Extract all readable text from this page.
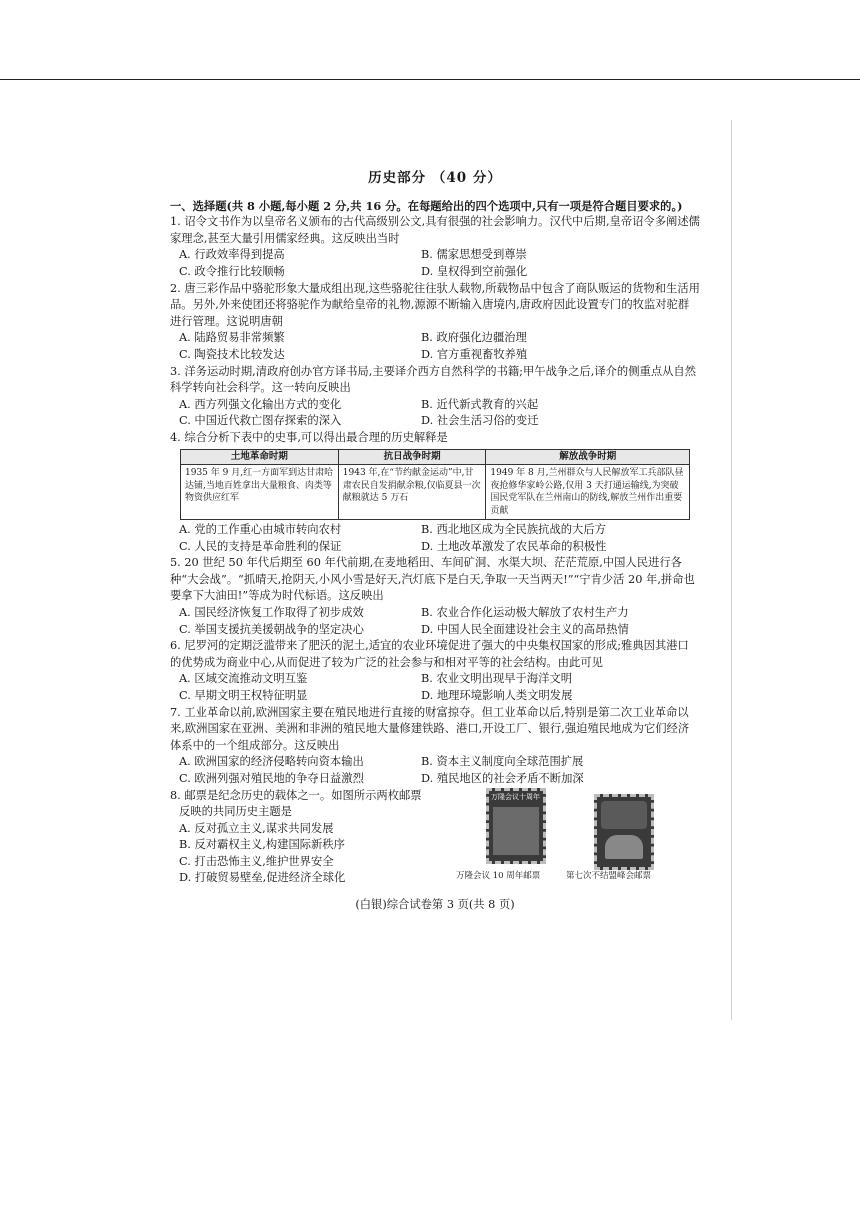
历史部分 （40 分）
一、选择题(共 8 小题,每小题 2 分,共 16 分。在每题给出的四个选项中,只有一项是符合题目要求的。)
1. 诏令文书作为以皇帝名义颁布的古代高级别公文,具有很强的社会影响力。汉代中后期,皇帝诏令多阐述儒家理念,甚至大量引用儒家经典。这反映出当时
A. 行政效率得到提高	B. 儒家思想受到尊崇
C. 政令推行比较顺畅	D. 皇权得到空前强化
2. 唐三彩作品中骆驼形象大量成组出现,这些骆驼往往驮人载物,所载物品中包含了商队贩运的货物和生活用品。另外,外来使团还将骆驼作为献给皇帝的礼物,源源不断输入唐境内,唐政府因此设置专门的牧监对驼群进行管理。这说明唐朝
A. 陆路贸易非常频繁	B. 政府强化边疆治理
C. 陶瓷技术比较发达	D. 官方重视畜牧养殖
3. 洋务运动时期,清政府创办官方译书局,主要译介西方自然科学的书籍;甲午战争之后,译介的侧重点从自然科学转向社会科学。这一转向反映出
A. 西方列强文化输出方式的变化	B. 近代新式教育的兴起
C. 中国近代救亡图存探索的深入	D. 社会生活习俗的变迁
4. 综合分析下表中的史事,可以得出最合理的历史解释是
土地革命时期	抗日战争时期	解放战争时期
1935 年 9 月,红一方面军到达甘肃哈达铺,当地百姓拿出大量粮食、肉类等物资供应红军	1943 年,在“节约献金运动”中,甘肃农民自发捐献余粮,仅临夏县一次献粮就达 5 万石	1949 年 8 月,兰州群众与人民解放军工兵部队昼夜抢修华家岭公路,仅用 3 天打通运输线,为突破国民党军队在兰州南山的防线,解放兰州作出重要贡献
A. 党的工作重心由城市转向农村	B. 西北地区成为全民族抗战的大后方
C. 人民的支持是革命胜利的保证	D. 土地改革激发了农民革命的积极性
5. 20 世纪 50 年代后期至 60 年代前期,在麦地稻田、车间矿洞、水渠大坝、茫茫荒原,中国人民进行各种“大会战”。“抓晴天,抢阴天,小风小雪是好天,汽灯底下是白天,争取一天当两天!”“宁肯少活 20 年,拼命也要拿下大油田!”等成为时代标语。这反映出
A. 国民经济恢复工作取得了初步成效	B. 农业合作化运动极大解放了农村生产力
C. 举国支援抗美援朝战争的坚定决心	D. 中国人民全面建设社会主义的高昂热情
6. 尼罗河的定期泛滥带来了肥沃的泥土,适宜的农业环境促进了强大的中央集权国家的形成;雅典因其港口的优势成为商业中心,从而促进了较为广泛的社会参与和相对平等的社会结构。由此可见
A. 区域交流推动文明互鉴	B. 农业文明出现早于海洋文明
C. 早期文明王权特征明显	D. 地理环境影响人类文明发展
7. 工业革命以前,欧洲国家主要在殖民地进行直接的财富掠夺。但工业革命以后,特别是第二次工业革命以来,欧洲国家在亚洲、美洲和非洲的殖民地大量修建铁路、港口,开设工厂、银行,强迫殖民地成为它们经济体系中的一个组成部分。这反映出
A. 欧洲国家的经济侵略转向资本输出	B. 资本主义制度向全球范围扩展
C. 欧洲列强对殖民地的争夺日益激烈	D. 殖民地区的社会矛盾不断加深
8. 邮票是纪念历史的载体之一。如图所示两枚邮票
反映的共同历史主题是
A. 反对孤立主义,谋求共同发展
B. 反对霸权主义,构建国际新秩序
C. 打击恐怖主义,维护世界安全
D. 打破贸易壁垒,促进经济全球化
万隆会议十周年
万隆会议 10 周年邮票	第七次不结盟峰会邮票
(白银)综合试卷第 3 页(共 8 页)
